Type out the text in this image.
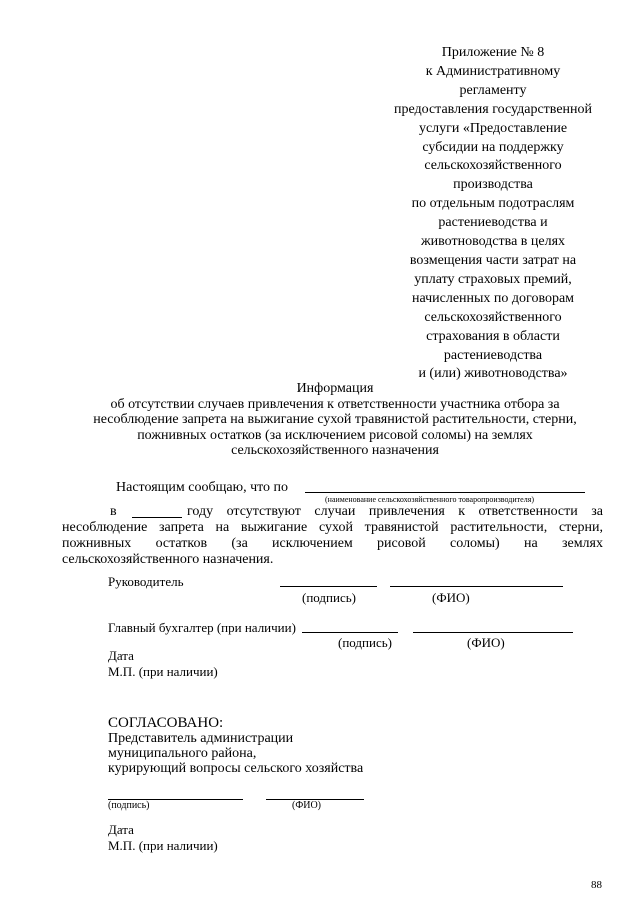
Приложение № 8
к Административному
регламенту
предоставления государственной
услуги «Предоставление
субсидии на поддержку
сельскохозяйственного
производства
по отдельным подотраслям
растениеводства и
животноводства в целях
возмещения части затрат на
уплату страховых премий,
начисленных по договорам
сельскохозяйственного
страхования в области
растениеводства
и (или) животноводства»
Информация
об отсутствии случаев привлечения к ответственности участника отбора за
несоблюдение запрета на выжигание сухой травянистой растительности, стерни,
пожнивных остатков (за исключением рисовой соломы) на землях
сельскохозяйственного назначения
Настоящим сообщаю, что по
(наименование сельскохозяйственного товаропроизводителя)
в	году отсутствуют случаи привлечения к ответственности за
несоблюдение запрета на выжигание сухой травянистой растительности, стерни,
пожнивных остатков (за исключением рисовой соломы) на землях
сельскохозяйственного назначения.
Руководитель
(подпись)	(ФИО)
Главный бухгалтер (при наличии)
(подпись)	(ФИО)
Дата
М.П. (при наличии)
СОГЛАСОВАНО:
Представитель администрации
муниципального района,
курирующий вопросы сельского хозяйства
(подпись)	(ФИО)
Дата
М.П. (при наличии)
88
